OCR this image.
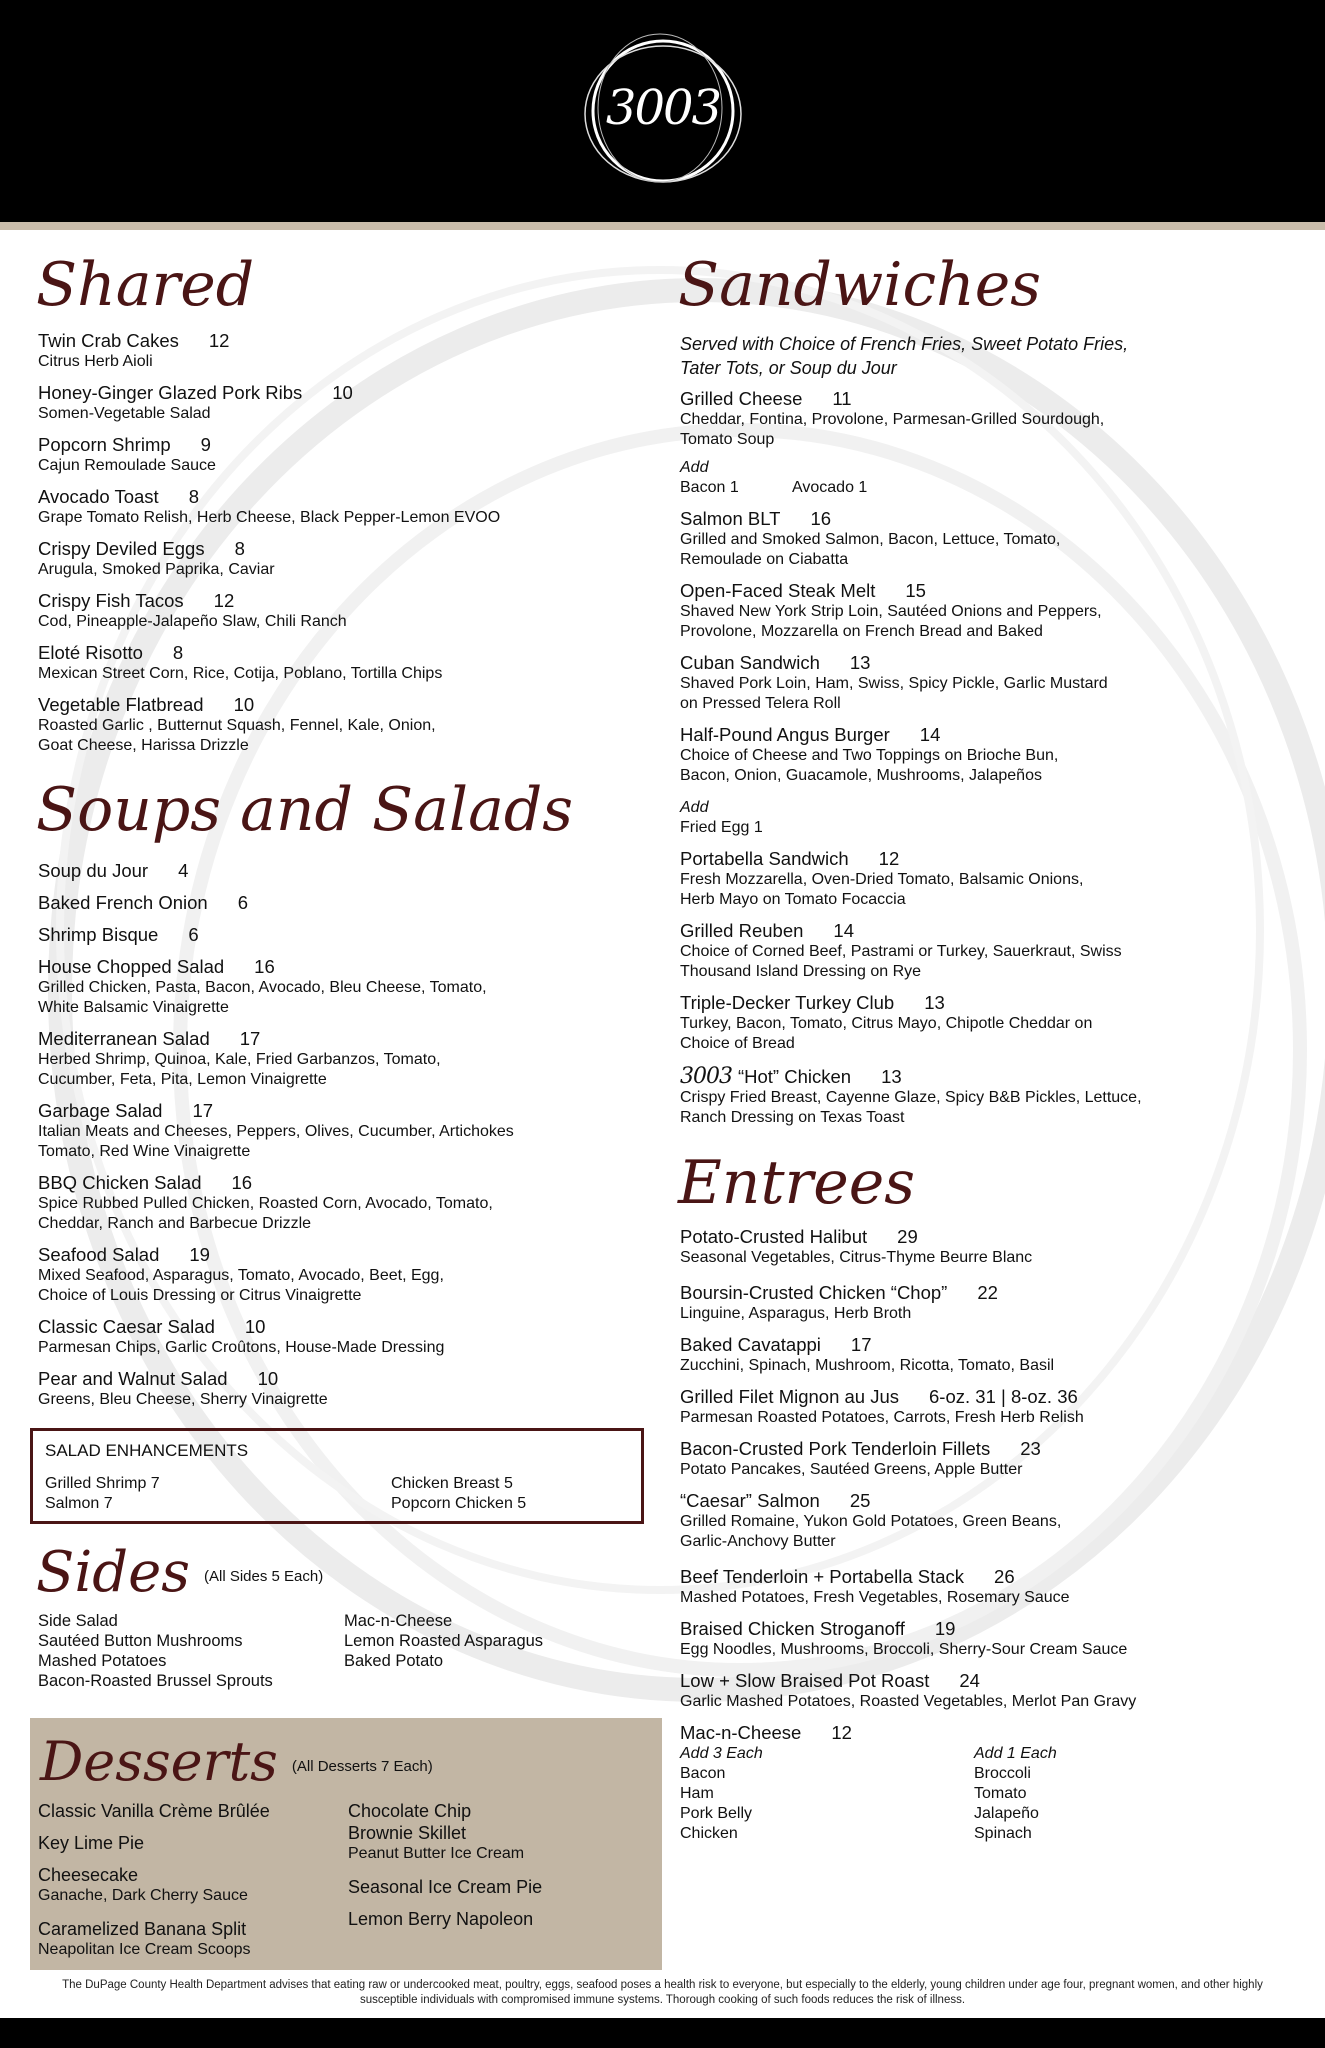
3003
Shared
Twin Crab Cakes 12
Citrus Herb Aioli
Honey-Ginger Glazed Pork Ribs 10
Somen-Vegetable Salad
Popcorn Shrimp 9
Cajun Remoulade Sauce
Avocado Toast 8
Grape Tomato Relish, Herb Cheese, Black Pepper-Lemon EVOO
Crispy Deviled Eggs 8
Arugula, Smoked Paprika, Caviar
Crispy Fish Tacos 12
Cod, Pineapple-Jalapeño Slaw, Chili Ranch
Eloté Risotto 8
Mexican Street Corn, Rice, Cotija, Poblano, Tortilla Chips
Vegetable Flatbread 10
Roasted Garlic , Butternut Squash, Fennel, Kale, Onion,
Goat Cheese, Harissa Drizzle
Soups and Salads
Soup du Jour 4
Baked French Onion 6
Shrimp Bisque 6
House Chopped Salad 16
Grilled Chicken, Pasta, Bacon, Avocado, Bleu Cheese, Tomato,
White Balsamic Vinaigrette
Mediterranean Salad 17
Herbed Shrimp, Quinoa, Kale, Fried Garbanzos, Tomato,
Cucumber, Feta, Pita, Lemon Vinaigrette
Garbage Salad 17
Italian Meats and Cheeses, Peppers, Olives, Cucumber, Artichokes
Tomato, Red Wine Vinaigrette
BBQ Chicken Salad 16
Spice Rubbed Pulled Chicken, Roasted Corn, Avocado, Tomato,
Cheddar, Ranch and Barbecue Drizzle
Seafood Salad 19
Mixed Seafood, Asparagus, Tomato, Avocado, Beet, Egg,
Choice of Louis Dressing or Citrus Vinaigrette
Classic Caesar Salad 10
Parmesan Chips, Garlic Croûtons, House-Made Dressing
Pear and Walnut Salad 10
Greens, Bleu Cheese, Sherry Vinaigrette
SALAD ENHANCEMENTS
Grilled Shrimp 7
Salmon 7
Chicken Breast 5
Popcorn Chicken 5
Sides (All Sides 5 Each)
Side Salad
Sautéed Button Mushrooms
Mashed Potatoes
Bacon-Roasted Brussel Sprouts
Mac-n-Cheese
Lemon Roasted Asparagus
Baked Potato
Desserts (All Desserts 7 Each)
Classic Vanilla Crème Brûlée
Key Lime Pie
Cheesecake
Ganache, Dark Cherry Sauce
Caramelized Banana Split
Neapolitan Ice Cream Scoops
Chocolate Chip
Brownie Skillet
Peanut Butter Ice Cream
Seasonal Ice Cream Pie
Lemon Berry Napoleon
Sandwiches
Served with Choice of French Fries, Sweet Potato Fries,
Tater Tots, or Soup du Jour
Grilled Cheese 11
Cheddar, Fontina, Provolone, Parmesan-Grilled Sourdough,
Tomato Soup
Salmon BLT 16
Grilled and Smoked Salmon, Bacon, Lettuce, Tomato,
Remoulade on Ciabatta
Open-Faced Steak Melt 15
Shaved New York Strip Loin, Sautéed Onions and Peppers,
Provolone, Mozzarella on French Bread and Baked
Cuban Sandwich 13
Shaved Pork Loin, Ham, Swiss, Spicy Pickle, Garlic Mustard
on Pressed Telera Roll
Half-Pound Angus Burger 14
Choice of Cheese and Two Toppings on Brioche Bun,
Bacon, Onion, Guacamole, Mushrooms, Jalapeños
Portabella Sandwich 12
Fresh Mozzarella, Oven-Dried Tomato, Balsamic Onions,
Herb Mayo on Tomato Focaccia
Grilled Reuben 14
Choice of Corned Beef, Pastrami or Turkey, Sauerkraut, Swiss
Thousand Island Dressing on Rye
Triple-Decker Turkey Club 13
Turkey, Bacon, Tomato, Citrus Mayo, Chipotle Cheddar on
Choice of Bread
3003 “Hot” Chicken 13
Crispy Fried Breast, Cayenne Glaze, Spicy B&B Pickles, Lettuce,
Ranch Dressing on Texas Toast
Add
Bacon 1	Avocado 1
Add
Fried Egg 1
Entrees
Potato-Crusted Halibut 29
Seasonal Vegetables, Citrus-Thyme Beurre Blanc
Boursin-Crusted Chicken “Chop” 22
Linguine, Asparagus, Herb Broth
Baked Cavatappi 17
Zucchini, Spinach, Mushroom, Ricotta, Tomato, Basil
Grilled Filet Mignon au Jus 6-oz. 31 | 8-oz. 36
Parmesan Roasted Potatoes, Carrots, Fresh Herb Relish
Bacon-Crusted Pork Tenderloin Fillets 23
Potato Pancakes, Sautéed Greens, Apple Butter
“Caesar” Salmon 25
Grilled Romaine, Yukon Gold Potatoes, Green Beans,
Garlic-Anchovy Butter
Beef Tenderloin + Portabella Stack 26
Mashed Potatoes, Fresh Vegetables, Rosemary Sauce
Braised Chicken Stroganoff 19
Egg Noodles, Mushrooms, Broccoli, Sherry-Sour Cream Sauce
Low + Slow Braised Pot Roast 24
Garlic Mashed Potatoes, Roasted Vegetables, Merlot Pan Gravy
Mac-n-Cheese 12
Add 3 Each	Add 1 Each
Bacon
Ham
Pork Belly
Chicken
Broccoli
Tomato
Jalapeño
Spinach
The DuPage County Health Department advises that eating raw or undercooked meat, poultry, eggs, seafood poses a health risk to everyone, but especially to the elderly, young children under age four, pregnant women, and other highly susceptible individuals with compromised immune systems. Thorough cooking of such foods reduces the risk of illness.
